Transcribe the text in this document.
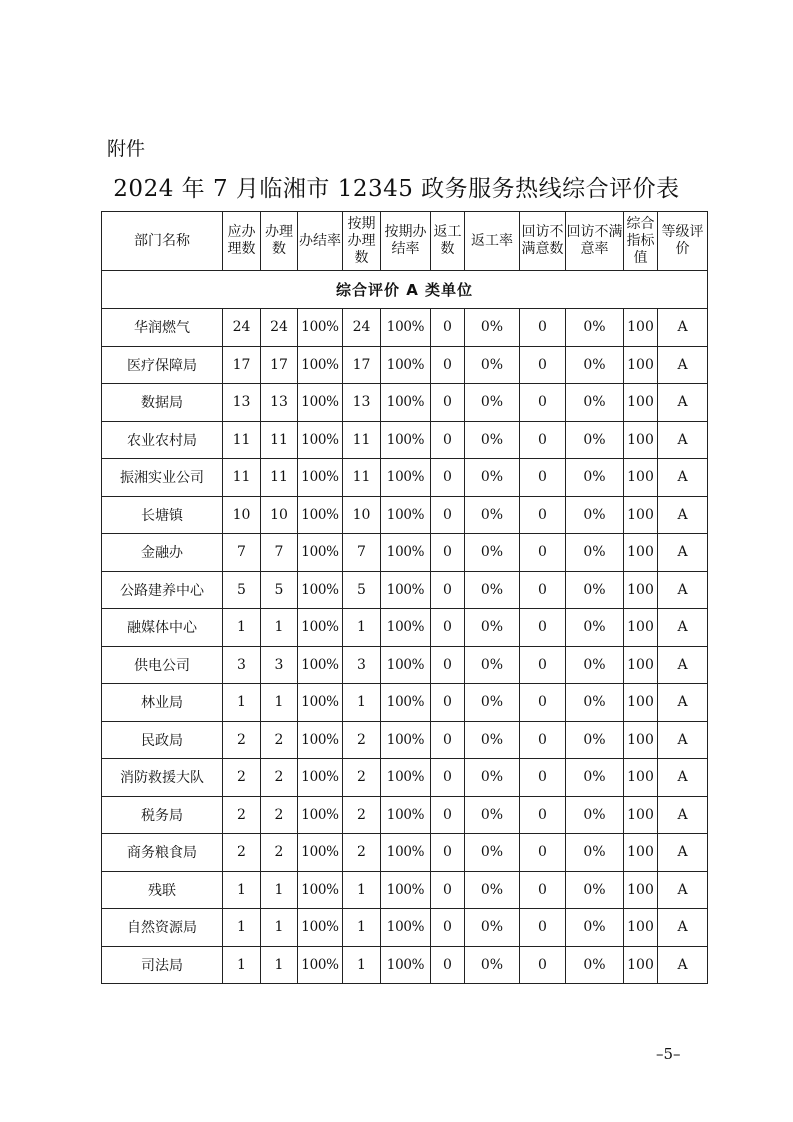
附件
2024 年 7 月临湘市 12345 政务服务热线综合评价表
部门名称	应办理数	办理数	办结率	按期办理数	按期办结率	返工数	返工率	回访不满意数	回访不满意率	综合指标值	等级评价
综合评价 A 类单位											
华润燃气	24	24	100%	24	100%	0	0%	0	0%	100	A
医疗保障局	17	17	100%	17	100%	0	0%	0	0%	100	A
数据局	13	13	100%	13	100%	0	0%	0	0%	100	A
农业农村局	11	11	100%	11	100%	0	0%	0	0%	100	A
振湘实业公司	11	11	100%	11	100%	0	0%	0	0%	100	A
长塘镇	10	10	100%	10	100%	0	0%	0	0%	100	A
金融办	7	7	100%	7	100%	0	0%	0	0%	100	A
公路建养中心	5	5	100%	5	100%	0	0%	0	0%	100	A
融媒体中心	1	1	100%	1	100%	0	0%	0	0%	100	A
供电公司	3	3	100%	3	100%	0	0%	0	0%	100	A
林业局	1	1	100%	1	100%	0	0%	0	0%	100	A
民政局	2	2	100%	2	100%	0	0%	0	0%	100	A
消防救援大队	2	2	100%	2	100%	0	0%	0	0%	100	A
税务局	2	2	100%	2	100%	0	0%	0	0%	100	A
商务粮食局	2	2	100%	2	100%	0	0%	0	0%	100	A
残联	1	1	100%	1	100%	0	0%	0	0%	100	A
自然资源局	1	1	100%	1	100%	0	0%	0	0%	100	A
司法局	1	1	100%	1	100%	0	0%	0	0%	100	A
–5–
